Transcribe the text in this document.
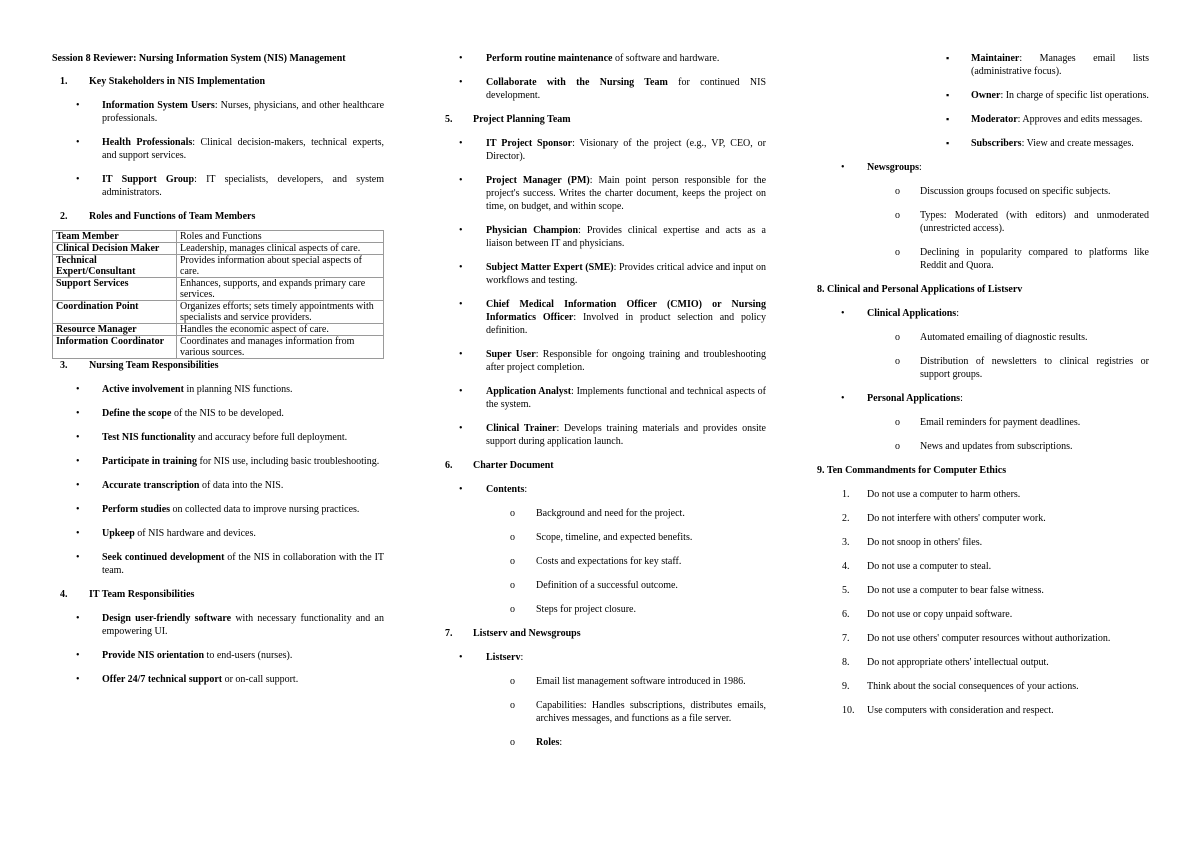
Session 8 Reviewer: Nursing Information System (NIS) Management

1.	Key Stakeholders in NIS Implementation
•	Information System Users: Nurses, physicians, and other healthcare professionals.
•	Health Professionals: Clinical decision-makers, technical experts, and support services.
•	IT Support Group: IT specialists, developers, and system administrators.
2.	Roles and Functions of Team Members
Team Member	Roles and Functions
Clinical Decision Maker	Leadership, manages clinical aspects of care.
Technical Expert/Consultant	Provides information about special aspects of care.
Support Services	Enhances, supports, and expands primary care services.
Coordination Point	Organizes efforts; sets timely appointments with specialists and service providers.
Resource Manager	Handles the economic aspect of care.
Information Coordinator	Coordinates and manages information from various sources.
3.	Nursing Team Responsibilities
•	Active involvement in planning NIS functions.
•	Define the scope of the NIS to be developed.
•	Test NIS functionality and accuracy before full deployment.
•	Participate in training for NIS use, including basic troubleshooting.
•	Accurate transcription of data into the NIS.
•	Perform studies on collected data to improve nursing practices.
•	Upkeep of NIS hardware and devices.
•	Seek continued development of the NIS in collaboration with the IT team.
4.	IT Team Responsibilities
•	Design user-friendly software with necessary functionality and an empowering UI.
•	Provide NIS orientation to end-users (nurses).
•	Offer 24/7 technical support or on-call support.
•	Perform routine maintenance of software and hardware.
•	Collaborate with the Nursing Team for continued NIS development.
5.	Project Planning Team
•	IT Project Sponsor: Visionary of the project (e.g., VP, CEO, or Director).
•	Project Manager (PM): Main point person responsible for the project's success. Writes the charter document, keeps the project on time, on budget, and within scope.
•	Physician Champion: Provides clinical expertise and acts as a liaison between IT and physicians.
•	Subject Matter Expert (SME): Provides critical advice and input on workflows and testing.
•	Chief Medical Information Officer (CMIO) or Nursing Informatics Officer: Involved in product selection and policy definition.
•	Super User: Responsible for ongoing training and troubleshooting after project completion.
•	Application Analyst: Implements functional and technical aspects of the system.
•	Clinical Trainer: Develops training materials and provides onsite support during application launch.
6.	Charter Document
•	Contents:
o	Background and need for the project.
o	Scope, timeline, and expected benefits.
o	Costs and expectations for key staff.
o	Definition of a successful outcome.
o	Steps for project closure.
7.	Listserv and Newsgroups
•	Listserv:
o	Email list management software introduced in 1986.
o	Capabilities: Handles subscriptions, distributes emails, archives messages, and functions as a file server.
o	Roles:
▪	Maintainer: Manages email lists (administrative focus).
▪	Owner: In charge of specific list operations.
▪	Moderator: Approves and edits messages.
▪	Subscribers: View and create messages.
•	Newsgroups:
o	Discussion groups focused on specific subjects.
o	Types: Moderated (with editors) and unmoderated (unrestricted access).
o	Declining in popularity compared to platforms like Reddit and Quora.

8. Clinical and Personal Applications of Listserv

•	Clinical Applications:
o	Automated emailing of diagnostic results.
o	Distribution of newsletters to clinical registries or support groups.
•	Personal Applications:
o	Email reminders for payment deadlines.
o	News and updates from subscriptions.

9. Ten Commandments for Computer Ethics

1.	Do not use a computer to harm others.
2.	Do not interfere with others' computer work.
3.	Do not snoop in others' files.
4.	Do not use a computer to steal.
5.	Do not use a computer to bear false witness.
6.	Do not use or copy unpaid software.
7.	Do not use others' computer resources without authorization.
8.	Do not appropriate others' intellectual output.
9.	Think about the social consequences of your actions.
10.	Use computers with consideration and respect.
